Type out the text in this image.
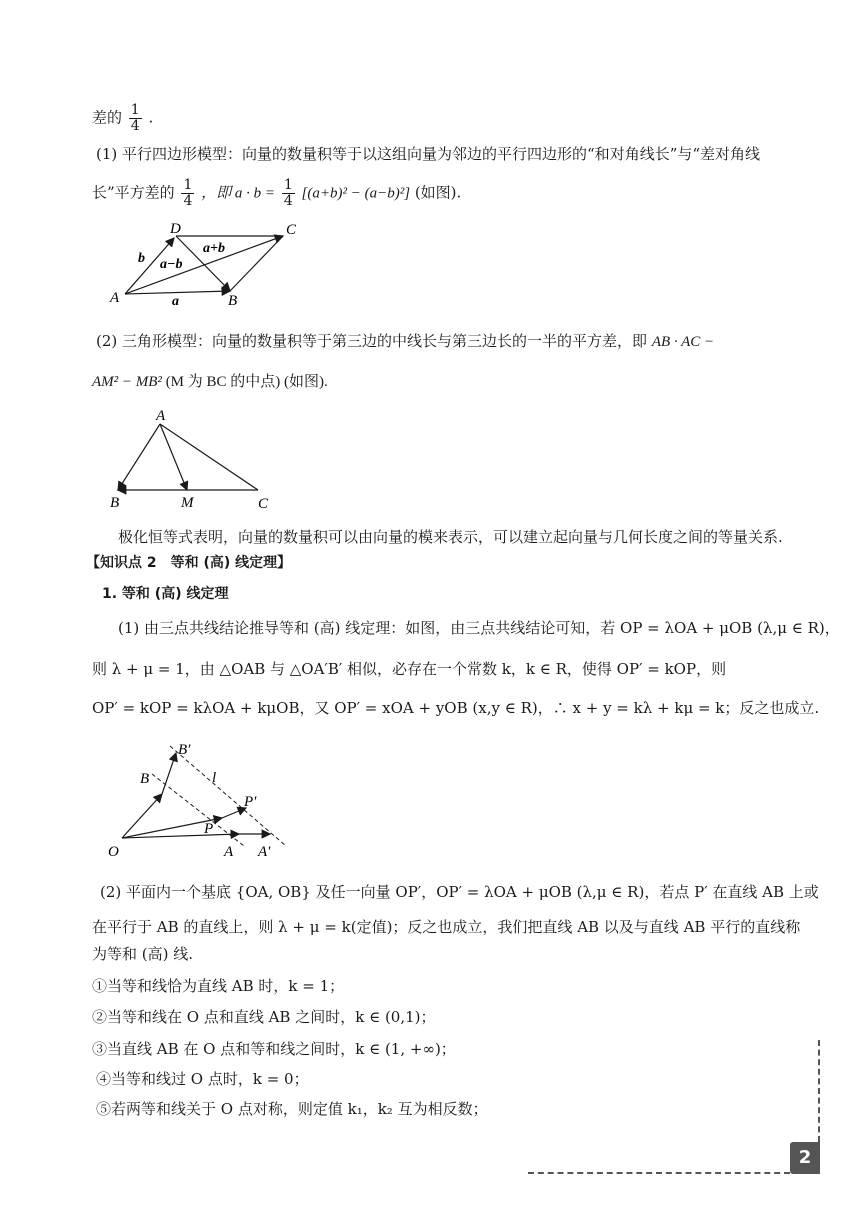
差的 $\frac{1}{4}$ .
(1) 平行四边形模型：向量的数量积等于以这组向量为邻边的平行四边形的“和对角线长”与“差对角线
长”平方差的 $\frac{1}{4}$ ，即 $a \cdot b = \frac{1}{4} [(a+b)^2 - (a-b)^2]$ (如图).
A	B
C
D
a
b
a+b
a−b
(2) 三角形模型：向量的数量积等于第三边的中线长与第三边长的一半的平方差，即 AB · AC −
AM² − MB² (M 为 BC 的中点) (如图).
A
B	M	C
极化恒等式表明，向量的数量积可以由向量的模来表示，可以建立起向量与几何长度之间的等量关系.
【知识点 2　等和 (高) 线定理】
1. 等和 (高) 线定理
(1) 由三点共线结论推导等和 (高) 线定理：如图，由三点共线结论可知，若 OP = λOA + μOB (λ,μ ∈ R)，
则 λ + μ = 1，由 △OAB 与 △OA′B′ 相似，必存在一个常数 k，k ∈ R，使得 OP′ = kOP，则
OP′ = kOP = kλOA + kμOB，又 OP′ = xOA + yOB (x,y ∈ R)，∴ x + y = kλ + kμ = k；反之也成立.
O	A A′
B
B′
P
P′
l
(2) 平面内一个基底 {OA, OB} 及任一向量 OP′，OP′ = λOA + μOB (λ,μ ∈ R)，若点 P′ 在直线 AB 上或
在平行于 AB 的直线上，则 λ + μ = k(定值)；反之也成立，我们把直线 AB 以及与直线 AB 平行的直线称
为等和 (高) 线.
①当等和线恰为直线 AB 时，k = 1；
②当等和线在 O 点和直线 AB 之间时，k ∈ (0,1)；
③当直线 AB 在 O 点和等和线之间时，k ∈ (1, +∞)；
④当等和线过 O 点时，k = 0；
⑤若两等和线关于 O 点对称，则定值 k₁，k₂ 互为相反数；
2
